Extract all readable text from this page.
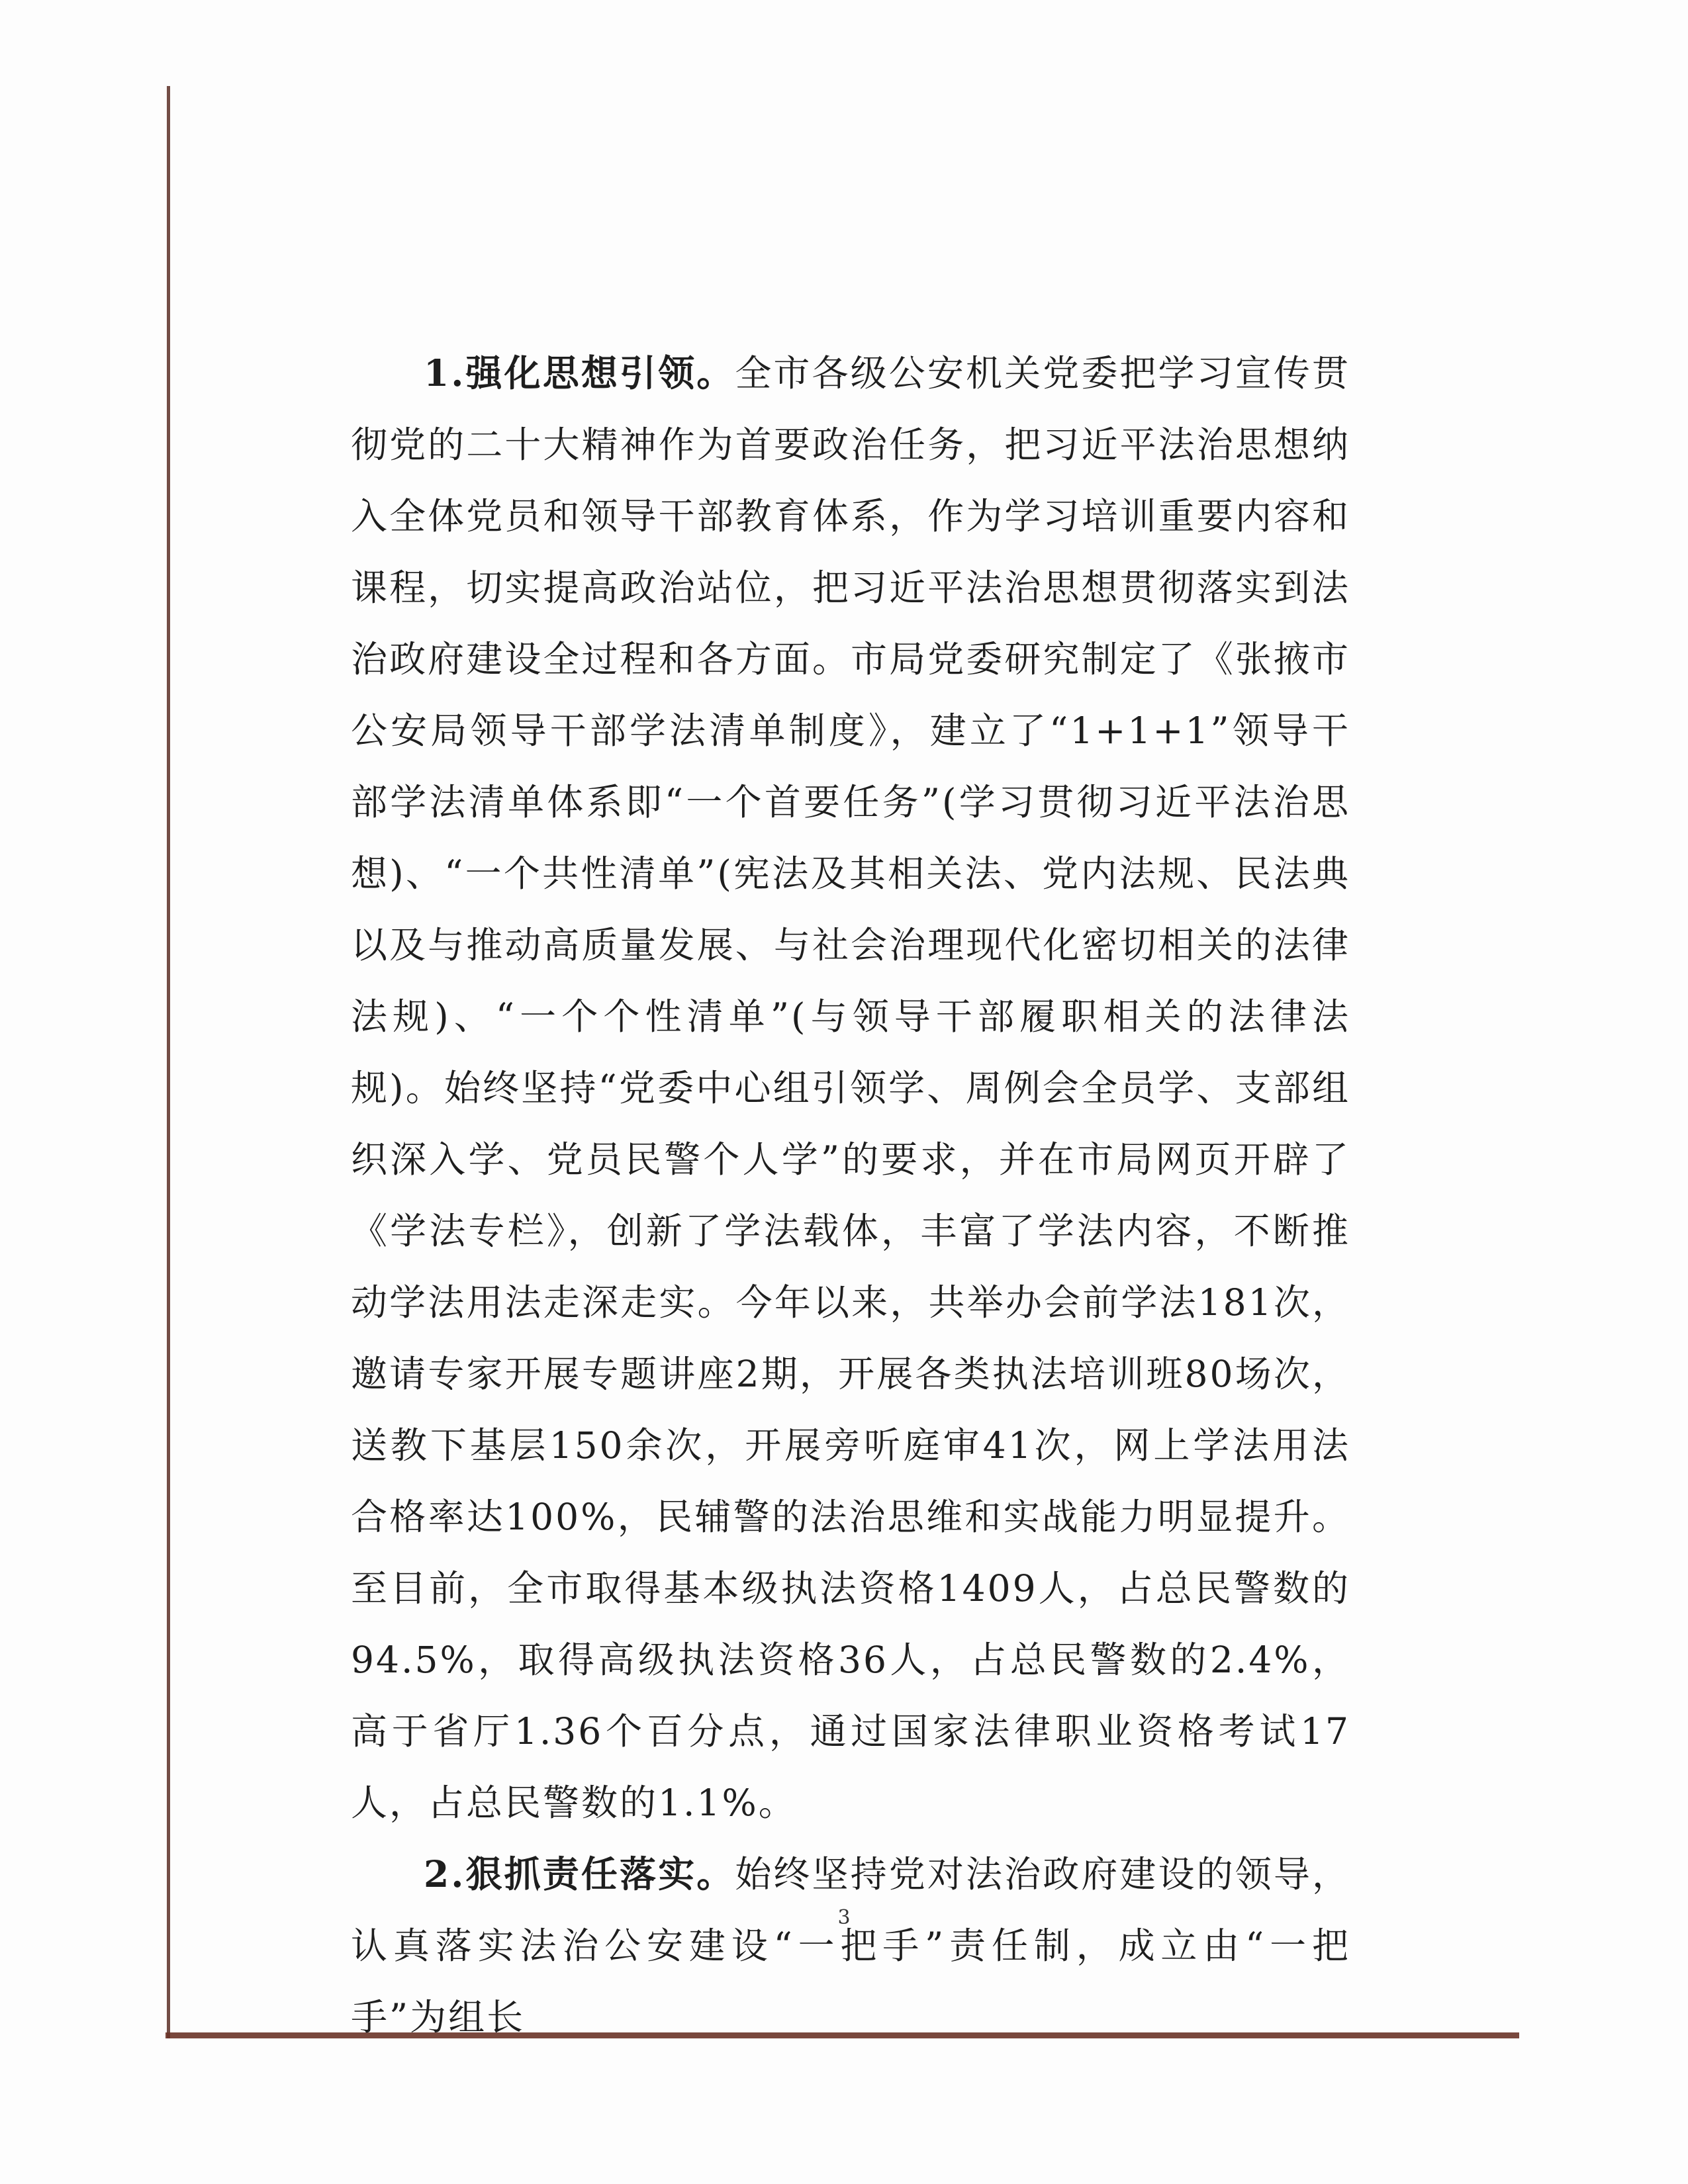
1.强化思想引领。全市各级公安机关党委把学习宣传贯彻党的二十大精神作为首要政治任务，把习近平法治思想纳入全体党员和领导干部教育体系，作为学习培训重要内容和课程，切实提高政治站位，把习近平法治思想贯彻落实到法治政府建设全过程和各方面。市局党委研究制定了《张掖市公安局领导干部学法清单制度》，建立了“1+1+1”领导干部学法清单体系即“一个首要任务”(学习贯彻习近平法治思想)、“一个共性清单”(宪法及其相关法、党内法规、民法典以及与推动高质量发展、与社会治理现代化密切相关的法律法规)、“一个个性清单”(与领导干部履职相关的法律法规)。始终坚持“党委中心组引领学、周例会全员学、支部组织深入学、党员民警个人学”的要求，并在市局网页开辟了《学法专栏》，创新了学法载体，丰富了学法内容，不断推动学法用法走深走实。今年以来，共举办会前学法181次，邀请专家开展专题讲座2期，开展各类执法培训班80场次，送教下基层150余次，开展旁听庭审41次，网上学法用法合格率达100%，民辅警的法治思维和实战能力明显提升。至目前，全市取得基本级执法资格1409人，占总民警数的94.5%，取得高级执法资格36人，占总民警数的2.4%，高于省厅1.36个百分点，通过国家法律职业资格考试17人，占总民警数的1.1%。

2.狠抓责任落实。始终坚持党对法治政府建设的领导，认真落实法治公安建设“一把手”责任制，成立由“一把手”为组长

3
